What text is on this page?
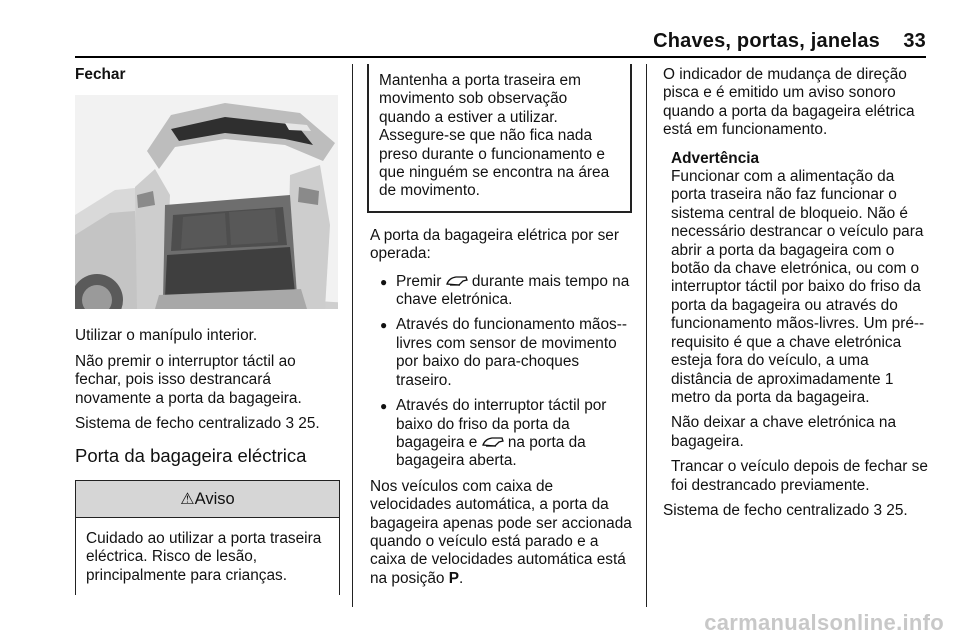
Chaves, portas, janelas 33
Fechar

Utilizar o manípulo interior.

Não premir o interruptor táctil ao fechar, pois isso destrancará novamente a porta da bagageira.

Sistema de fecho centralizado 3 25.

Porta da bagageira eléctrica
⚠Aviso
Cuidado ao utilizar a porta traseira eléctrica. Risco de lesão, principalmente para crianças.
Mantenha a porta traseira em movimento sob observação quando a estiver a utilizar. Assegure-se que não fica nada preso durante o funcionamento e que ninguém se encontra na área de movimento.

A porta da bagageira elétrica por ser operada:

● Premir  durante mais tempo na chave eletrónica.
● Através do funcionamento mãos--livres com sensor de movimento por baixo do para-choques traseiro.
● Através do interruptor táctil por baixo do friso da porta da bagageira e  na porta da bagageira aberta.

Nos veículos com caixa de velocidades automática, a porta da bagageira apenas pode ser accionada quando o veículo está parado e a caixa de velocidades automática está na posição P.

O indicador de mudança de direção pisca e é emitido um aviso sonoro quando a porta da bagageira elétrica está em funcionamento.

Advertência

Funcionar com a alimentação da porta traseira não faz funcionar o sistema central de bloqueio. Não é necessário destrancar o veículo para abrir a porta da bagageira com o botão da chave eletrónica, ou com o interruptor táctil por baixo do friso da porta da bagageira ou através do funcionamento mãos-livres. Um pré--requisito é que a chave eletrónica esteja fora do veículo, a uma distância de aproximadamente 1 metro da porta da bagageira.

Não deixar a chave eletrónica na bagageira.

Trancar o veículo depois de fechar se foi destrancado previamente.

Sistema de fecho centralizado 3 25.

carmanualsonline.info
